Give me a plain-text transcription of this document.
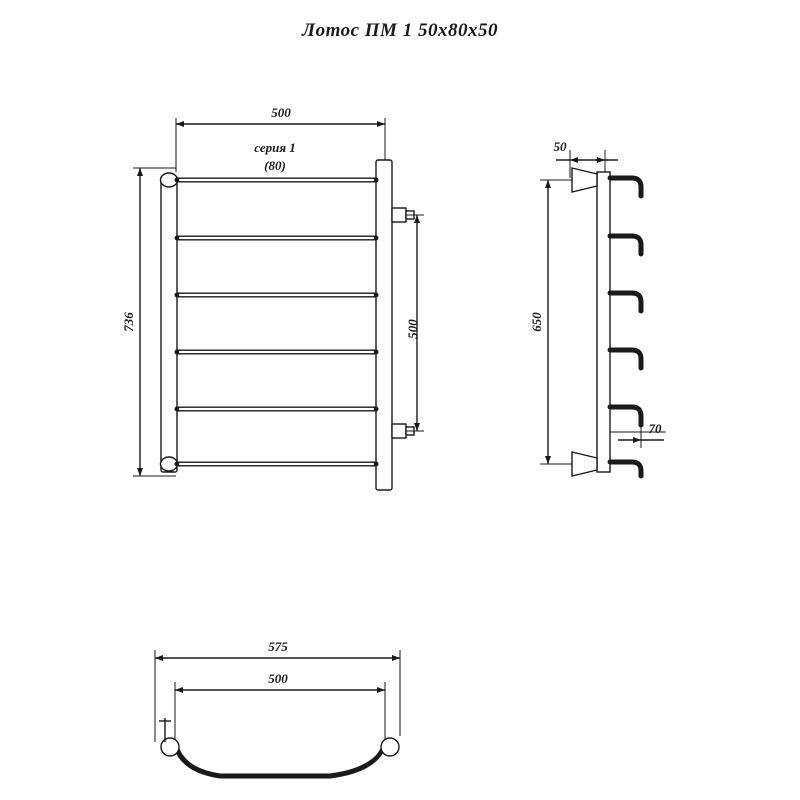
Лотос ПМ 1 50х80х50
500
736	500
серия 1
(80)
50
650
70
575
500
